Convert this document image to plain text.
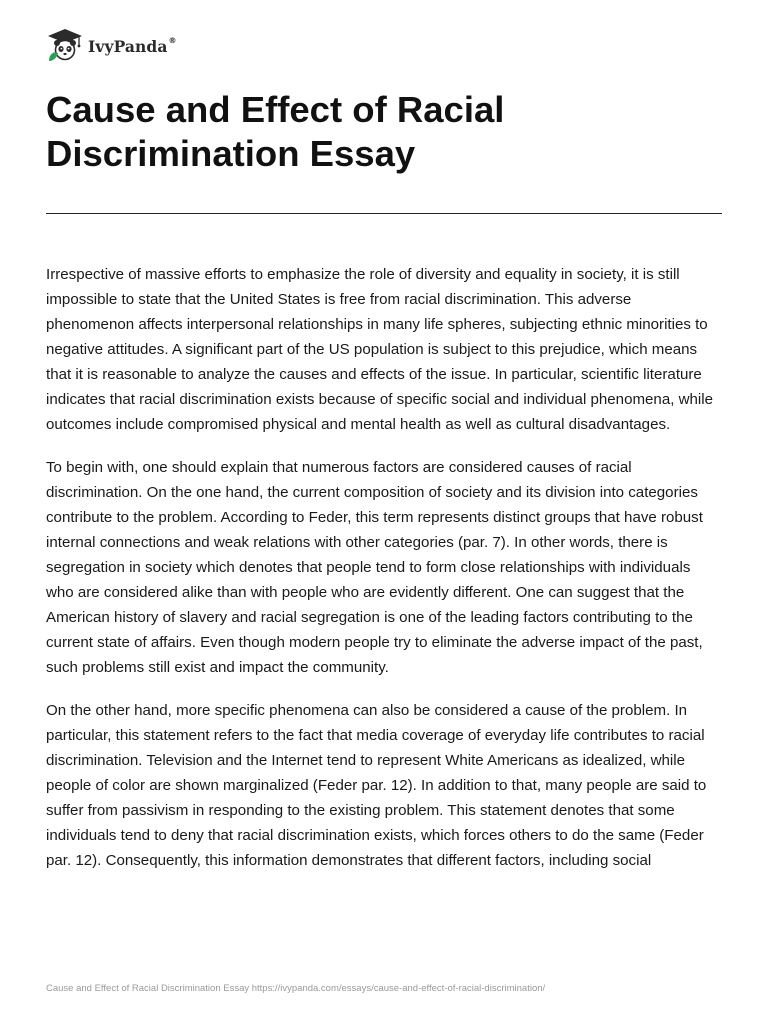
IvyPanda®
Cause and Effect of Racial Discrimination Essay

Irrespective of massive efforts to emphasize the role of diversity and equality in society, it is still impossible to state that the United States is free from racial discrimination. This adverse phenomenon affects interpersonal relationships in many life spheres, subjecting ethnic minorities to negative attitudes. A significant part of the US population is subject to this prejudice, which means that it is reasonable to analyze the causes and effects of the issue. In particular, scientific literature indicates that racial discrimination exists because of specific social and individual phenomena, while outcomes include compromised physical and mental health as well as cultural disadvantages.

To begin with, one should explain that numerous factors are considered causes of racial discrimination. On the one hand, the current composition of society and its division into categories contribute to the problem. According to Feder, this term represents distinct groups that have robust internal connections and weak relations with other categories (par. 7). In other words, there is segregation in society which denotes that people tend to form close relationships with individuals who are considered alike than with people who are evidently different. One can suggest that the American history of slavery and racial segregation is one of the leading factors contributing to the current state of affairs. Even though modern people try to eliminate the adverse impact of the past, such problems still exist and impact the community.

On the other hand, more specific phenomena can also be considered a cause of the problem. In particular, this statement refers to the fact that media coverage of everyday life contributes to racial discrimination. Television and the Internet tend to represent White Americans as idealized, while people of color are shown marginalized (Feder par. 12). In addition to that, many people are said to suffer from passivism in responding to the existing problem. This statement denotes that some individuals tend to deny that racial discrimination exists, which forces others to do the same (Feder par. 12). Consequently, this information demonstrates that different factors, including social

Cause and Effect of Racial Discrimination Essay https://ivypanda.com/essays/cause-and-effect-of-racial-discrimination/
